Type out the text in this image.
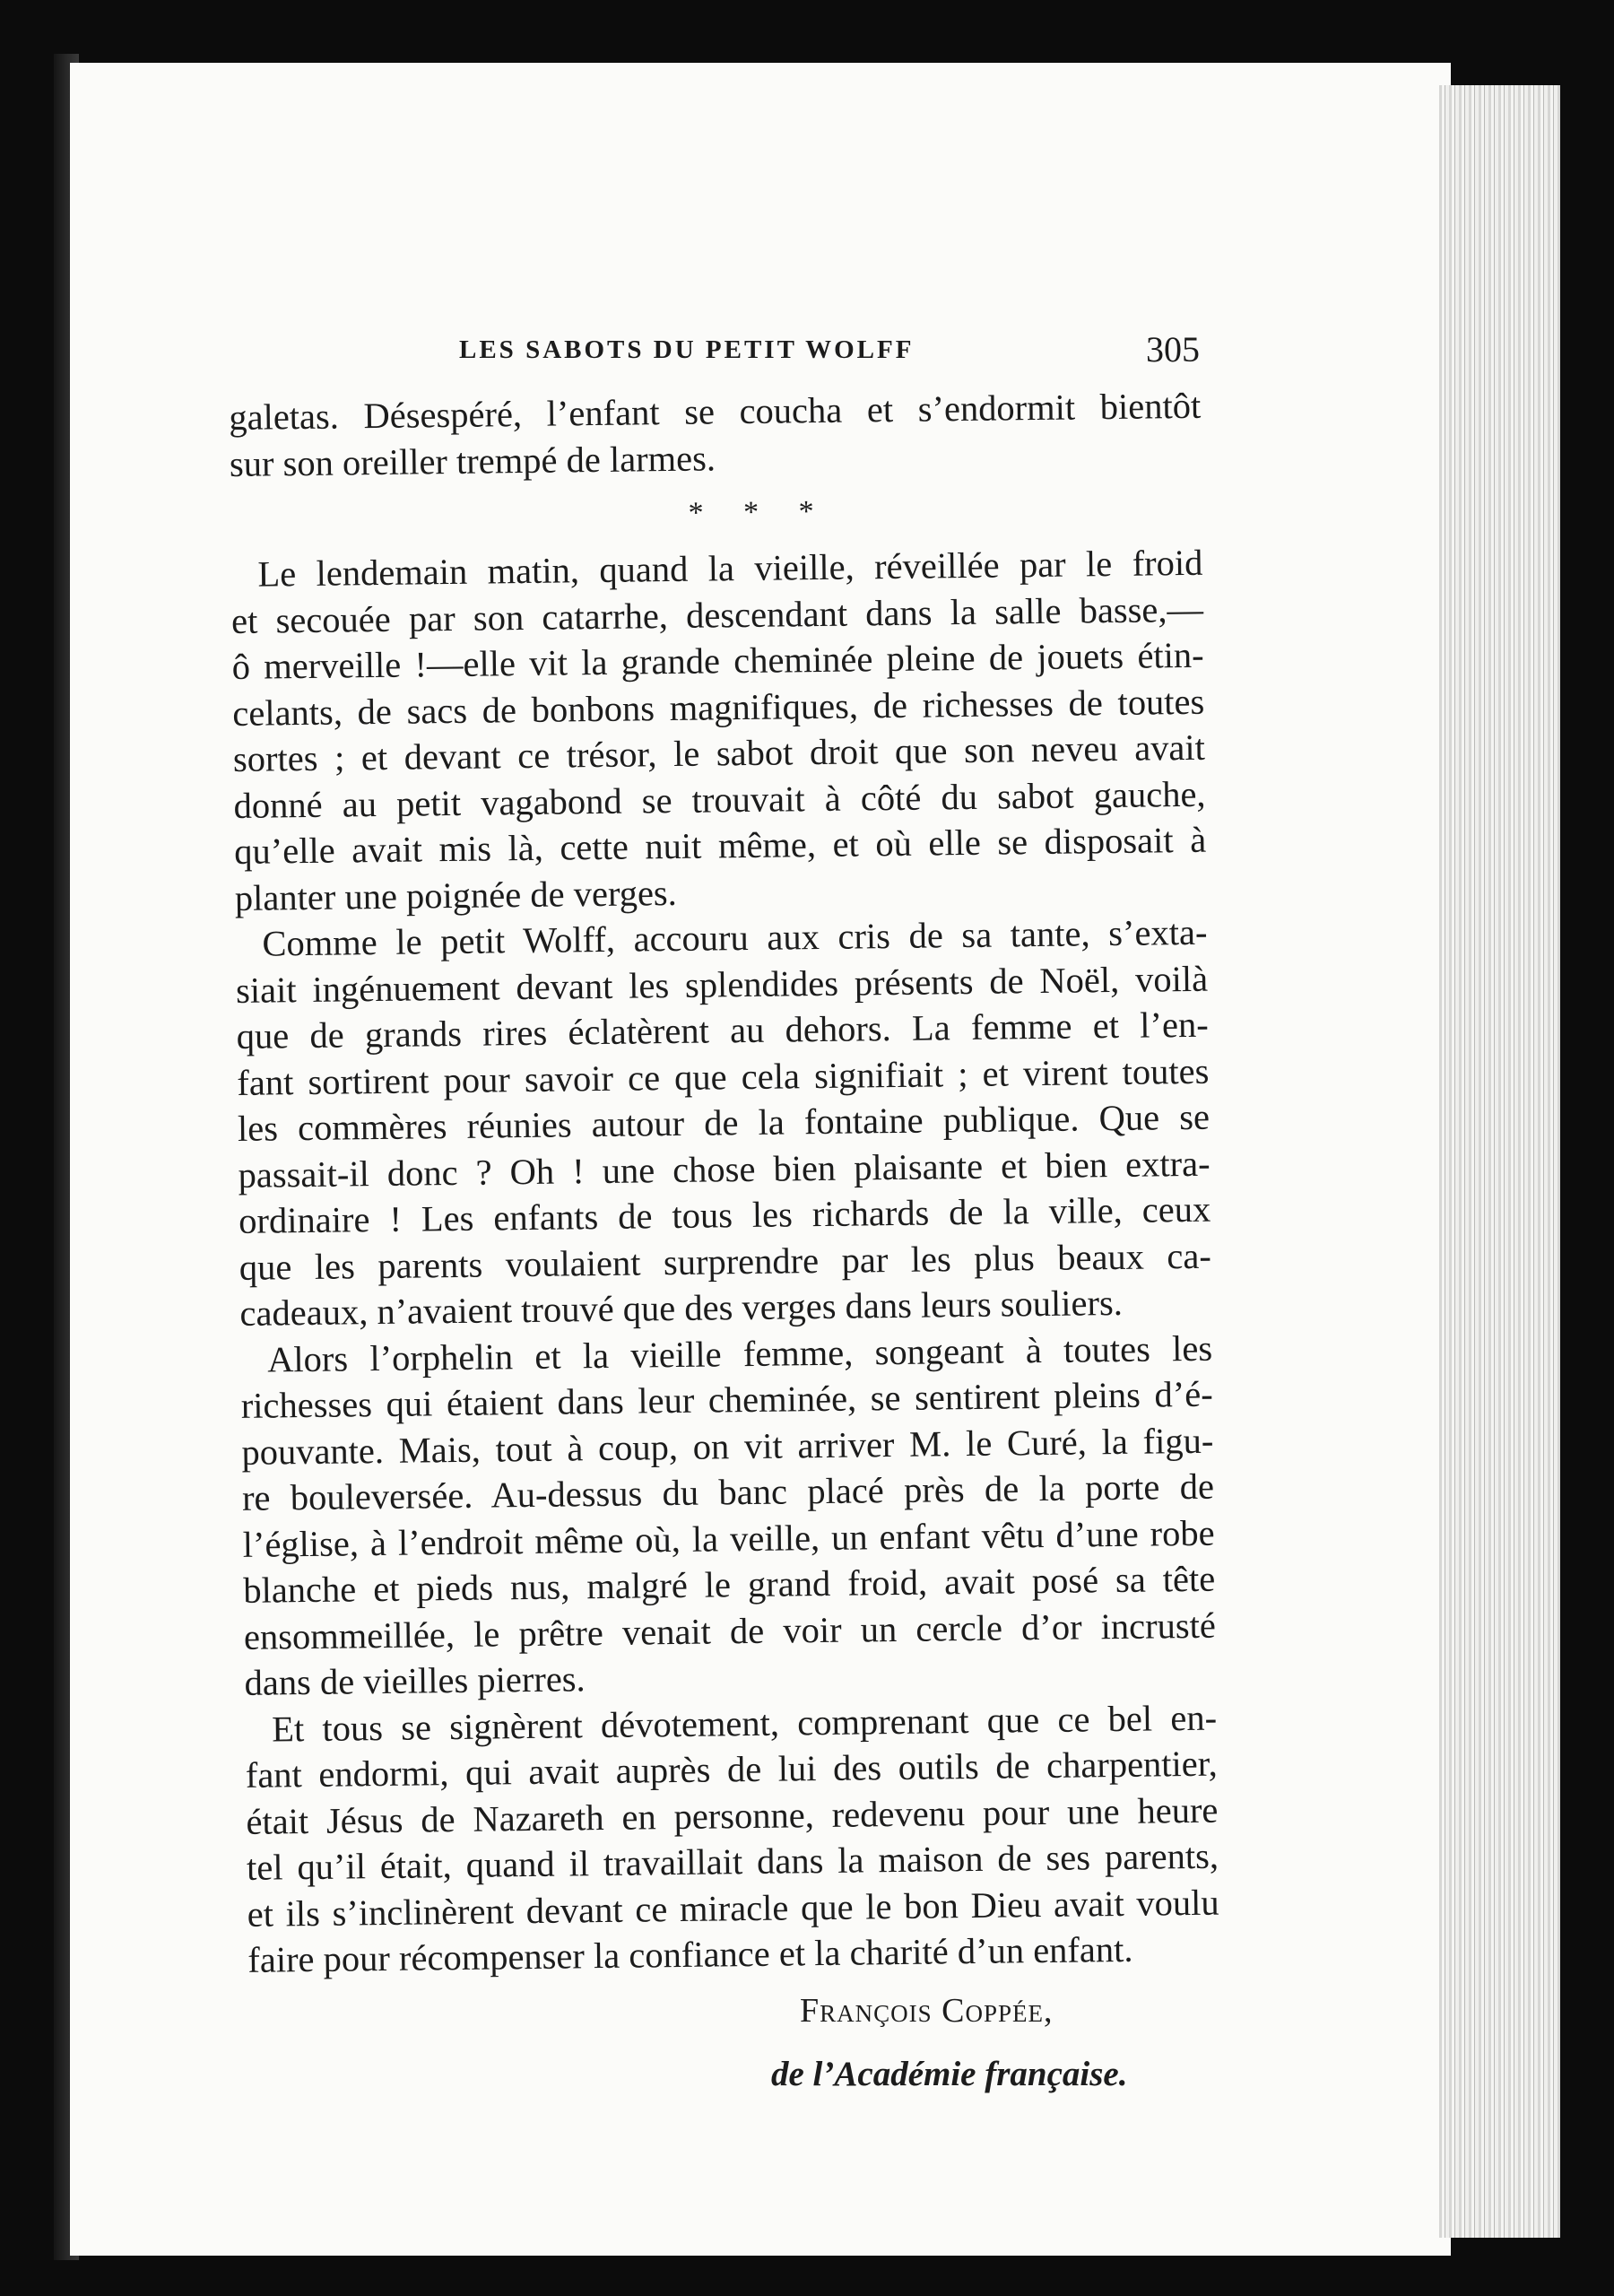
LES SABOTS DU PETIT WOLFF	305
galetas. Désespéré, l’enfant se coucha et s’endormit bientôt
sur son oreiller trempé de larmes.
* * *
Le lendemain matin, quand la vieille, réveillée par le froid
et secouée par son catarrhe, descendant dans la salle basse,—
ô merveille !—elle vit la grande cheminée pleine de jouets étin-
celants, de sacs de bonbons magnifiques, de richesses de toutes
sortes ; et devant ce trésor, le sabot droit que son neveu avait
donné au petit vagabond se trouvait à côté du sabot gauche,
qu’elle avait mis là, cette nuit même, et où elle se disposait à
planter une poignée de verges.
Comme le petit Wolff, accouru aux cris de sa tante, s’exta-
siait ingénuement devant les splendides présents de Noël, voilà
que de grands rires éclatèrent au dehors. La femme et l’en-
fant sortirent pour savoir ce que cela signifiait ; et virent toutes
les commères réunies autour de la fontaine publique. Que se
passait-il donc ? Oh ! une chose bien plaisante et bien extra-
ordinaire ! Les enfants de tous les richards de la ville, ceux
que les parents voulaient surprendre par les plus beaux ca-
cadeaux, n’avaient trouvé que des verges dans leurs souliers.
Alors l’orphelin et la vieille femme, songeant à toutes les
richesses qui étaient dans leur cheminée, se sentirent pleins d’é-
pouvante. Mais, tout à coup, on vit arriver M. le Curé, la figu-
re bouleversée. Au-dessus du banc placé près de la porte de
l’église, à l’endroit même où, la veille, un enfant vêtu d’une robe
blanche et pieds nus, malgré le grand froid, avait posé sa tête
ensommeillée, le prêtre venait de voir un cercle d’or incrusté
dans de vieilles pierres.
Et tous se signèrent dévotement, comprenant que ce bel en-
fant endormi, qui avait auprès de lui des outils de charpentier,
était Jésus de Nazareth en personne, redevenu pour une heure
tel qu’il était, quand il travaillait dans la maison de ses parents,
et ils s’inclinèrent devant ce miracle que le bon Dieu avait voulu
faire pour récompenser la confiance et la charité d’un enfant.
François Coppée,
de l’Académie française.
